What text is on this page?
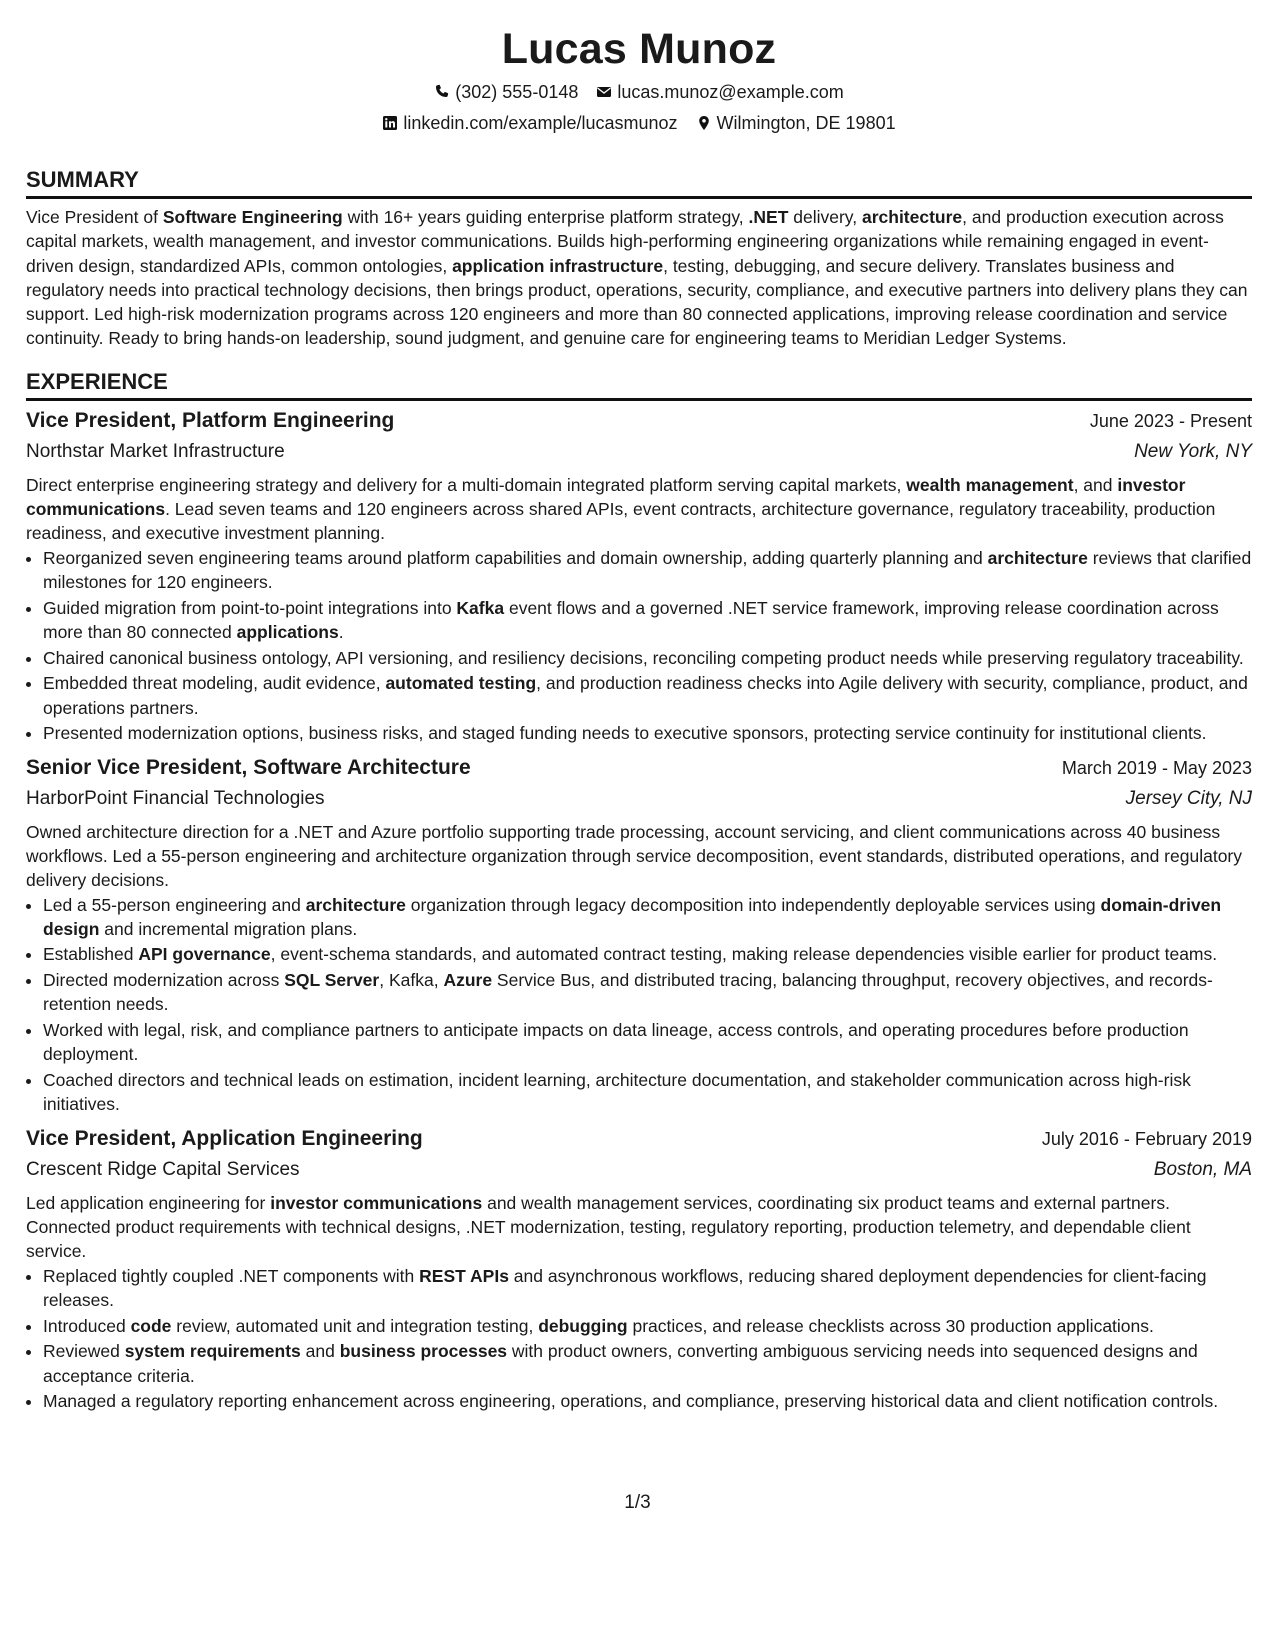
Lucas Munoz
(302) 555-0148 lucas.munoz@example.com
linkedin.com/example/lucasmunoz Wilmington, DE 19801
SUMMARY

Vice President of Software Engineering with 16+ years guiding enterprise platform strategy, .NET delivery, architecture, and production execution across capital markets, wealth management, and investor communications. Builds high-performing engineering organizations while remaining engaged in event-driven design, standardized APIs, common ontologies, application infrastructure, testing, debugging, and secure delivery. Translates business and regulatory needs into practical technology decisions, then brings product, operations, security, compliance, and executive partners into delivery plans they can support. Led high-risk modernization programs across 120 engineers and more than 80 connected applications, improving release coordination and service continuity. Ready to bring hands-on leadership, sound judgment, and genuine care for engineering teams to Meridian Ledger Systems.

EXPERIENCE
Vice President, Platform Engineering	June 2023 - Present
Northstar Market Infrastructure	New York, NY

Direct enterprise engineering strategy and delivery for a multi-domain integrated platform serving capital markets, wealth management, and investor communications. Lead seven teams and 120 engineers across shared APIs, event contracts, architecture governance, regulatory traceability, production readiness, and executive investment planning.

• Reorganized seven engineering teams around platform capabilities and domain ownership, adding quarterly planning and architecture reviews that clarified milestones for 120 engineers.
• Guided migration from point-to-point integrations into Kafka event flows and a governed .NET service framework, improving release coordination across more than 80 connected applications.
• Chaired canonical business ontology, API versioning, and resiliency decisions, reconciling competing product needs while preserving regulatory traceability.
• Embedded threat modeling, audit evidence, automated testing, and production readiness checks into Agile delivery with security, compliance, product, and operations partners.
• Presented modernization options, business risks, and staged funding needs to executive sponsors, protecting service continuity for institutional clients.
Senior Vice President, Software Architecture	March 2019 - May 2023
HarborPoint Financial Technologies	Jersey City, NJ

Owned architecture direction for a .NET and Azure portfolio supporting trade processing, account servicing, and client communications across 40 business workflows. Led a 55-person engineering and architecture organization through service decomposition, event standards, distributed operations, and regulatory delivery decisions.

• Led a 55-person engineering and architecture organization through legacy decomposition into independently deployable services using domain-driven design and incremental migration plans.
• Established API governance, event-schema standards, and automated contract testing, making release dependencies visible earlier for product teams.
• Directed modernization across SQL Server, Kafka, Azure Service Bus, and distributed tracing, balancing throughput, recovery objectives, and records-retention needs.
• Worked with legal, risk, and compliance partners to anticipate impacts on data lineage, access controls, and operating procedures before production deployment.
• Coached directors and technical leads on estimation, incident learning, architecture documentation, and stakeholder communication across high-risk initiatives.
Vice President, Application Engineering	July 2016 - February 2019
Crescent Ridge Capital Services	Boston, MA

Led application engineering for investor communications and wealth management services, coordinating six product teams and external partners. Connected product requirements with technical designs, .NET modernization, testing, regulatory reporting, production telemetry, and dependable client service.

• Replaced tightly coupled .NET components with REST APIs and asynchronous workflows, reducing shared deployment dependencies for client-facing releases.
• Introduced code review, automated unit and integration testing, debugging practices, and release checklists across 30 production applications.
• Reviewed system requirements and business processes with product owners, converting ambiguous servicing needs into sequenced designs and acceptance criteria.
• Managed a regulatory reporting enhancement across engineering, operations, and compliance, preserving historical data and client notification controls.
1/3
